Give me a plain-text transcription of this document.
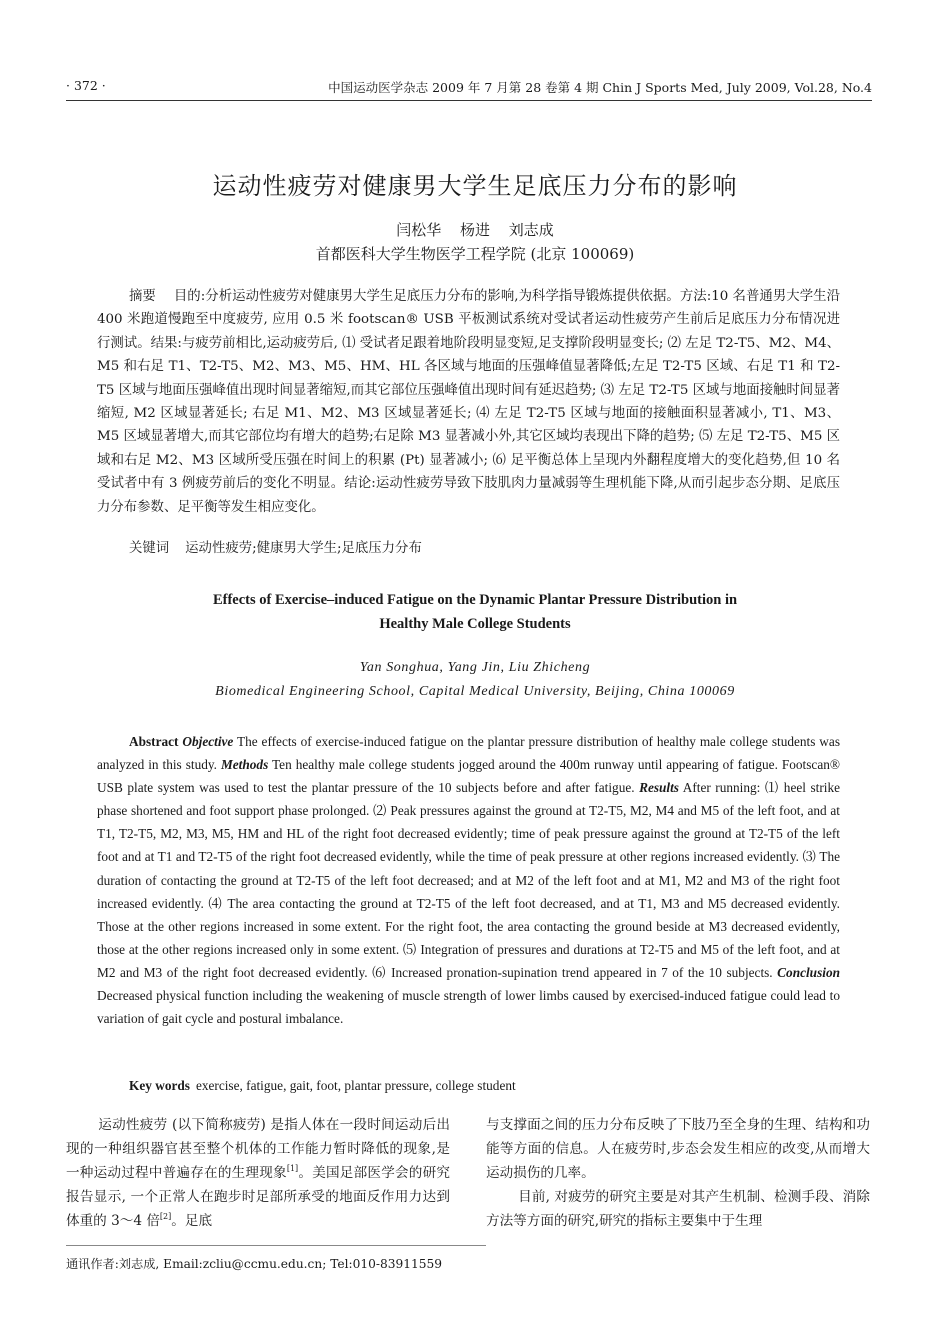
· 372 ·	中国运动医学杂志 2009 年 7 月第 28 卷第 4 期 Chin J Sports Med, July 2009, Vol.28, No.4
运动性疲劳对健康男大学生足底压力分布的影响
闫松华 杨进 刘志成
首都医科大学生物医学工程学院 (北京 100069)
摘要 目的:分析运动性疲劳对健康男大学生足底压力分布的影响,为科学指导锻炼提供依据。方法:10 名普通男大学生沿 400 米跑道慢跑至中度疲劳, 应用 0.5 米 footscan® USB 平板测试系统对受试者运动性疲劳产生前后足底压力分布情况进行测试。结果:与疲劳前相比,运动疲劳后, ⑴ 受试者足跟着地阶段明显变短,足支撑阶段明显变长; ⑵ 左足 T2-T5、M2、M4、M5 和右足 T1、T2-T5、M2、M3、M5、HM、HL 各区域与地面的压强峰值显著降低;左足 T2-T5 区域、右足 T1 和 T2-T5 区域与地面压强峰值出现时间显著缩短,而其它部位压强峰值出现时间有延迟趋势; ⑶ 左足 T2-T5 区域与地面接触时间显著缩短, M2 区域显著延长; 右足 M1、M2、M3 区域显著延长; ⑷ 左足 T2-T5 区域与地面的接触面积显著减小, T1、M3、M5 区域显著增大,而其它部位均有增大的趋势;右足除 M3 显著减小外,其它区域均表现出下降的趋势; ⑸ 左足 T2-T5、M5 区域和右足 M2、M3 区域所受压强在时间上的积累 (Pt) 显著减小; ⑹ 足平衡总体上呈现内外翻程度增大的变化趋势,但 10 名受试者中有 3 例疲劳前后的变化不明显。结论:运动性疲劳导致下肢肌肉力量减弱等生理机能下降,从而引起步态分期、足底压力分布参数、足平衡等发生相应变化。
关键词 运动性疲劳;健康男大学生;足底压力分布
Effects of Exercise–induced Fatigue on the Dynamic Plantar Pressure Distribution in
Healthy Male College Students
Yan Songhua, Yang Jin, Liu Zhicheng
Biomedical Engineering School, Capital Medical University, Beijing, China 100069
Abstract Objective The effects of exercise-induced fatigue on the plantar pressure distribution of healthy male college students was analyzed in this study. Methods Ten healthy male college students jogged around the 400m runway until appearing of fatigue. Footscan® USB plate system was used to test the plantar pressure of the 10 subjects before and after fatigue. Results After running: ⑴ heel strike phase shortened and foot support phase prolonged. ⑵ Peak pressures against the ground at T2-T5, M2, M4 and M5 of the left foot, and at T1, T2-T5, M2, M3, M5, HM and HL of the right foot decreased evidently; time of peak pressure against the ground at T2-T5 of the left foot and at T1 and T2-T5 of the right foot decreased evidently, while the time of peak pressure at other regions increased evidently. ⑶ The duration of contacting the ground at T2-T5 of the left foot decreased; and at M2 of the left foot and at M1, M2 and M3 of the right foot increased evidently. ⑷ The area contacting the ground at T2-T5 of the left foot decreased, and at T1, M3 and M5 decreased evidently. Those at the other regions increased in some extent. For the right foot, the area contacting the ground beside at M3 decreased evidently, those at the other regions increased only in some extent. ⑸ Integration of pressures and durations at T2-T5 and M5 of the left foot, and at M2 and M3 of the right foot decreased evidently. ⑹ Increased pronation-supination trend appeared in 7 of the 10 subjects. Conclusion Decreased physical function including the weakening of muscle strength of lower limbs caused by exercised-induced fatigue could lead to variation of gait cycle and postural imbalance.
Key words exercise, fatigue, gait, foot, plantar pressure, college student
运动性疲劳 (以下简称疲劳) 是指人体在一段时间运动后出现的一种组织器官甚至整个机体的工作能力暂时降低的现象,是一种运动过程中普遍存在的生理现象[1]。美国足部医学会的研究报告显示, 一个正常人在跑步时足部所承受的地面反作用力达到体重的 3～4 倍[2]。足底
与支撑面之间的压力分布反映了下肢乃至全身的生理、结构和功能等方面的信息。人在疲劳时,步态会发生相应的改变,从而增大运动损伤的几率。
目前, 对疲劳的研究主要是对其产生机制、检测手段、消除方法等方面的研究,研究的指标主要集中于生理
通讯作者:刘志成, Email:zcliu@ccmu.edu.cn; Tel:010-83911559
